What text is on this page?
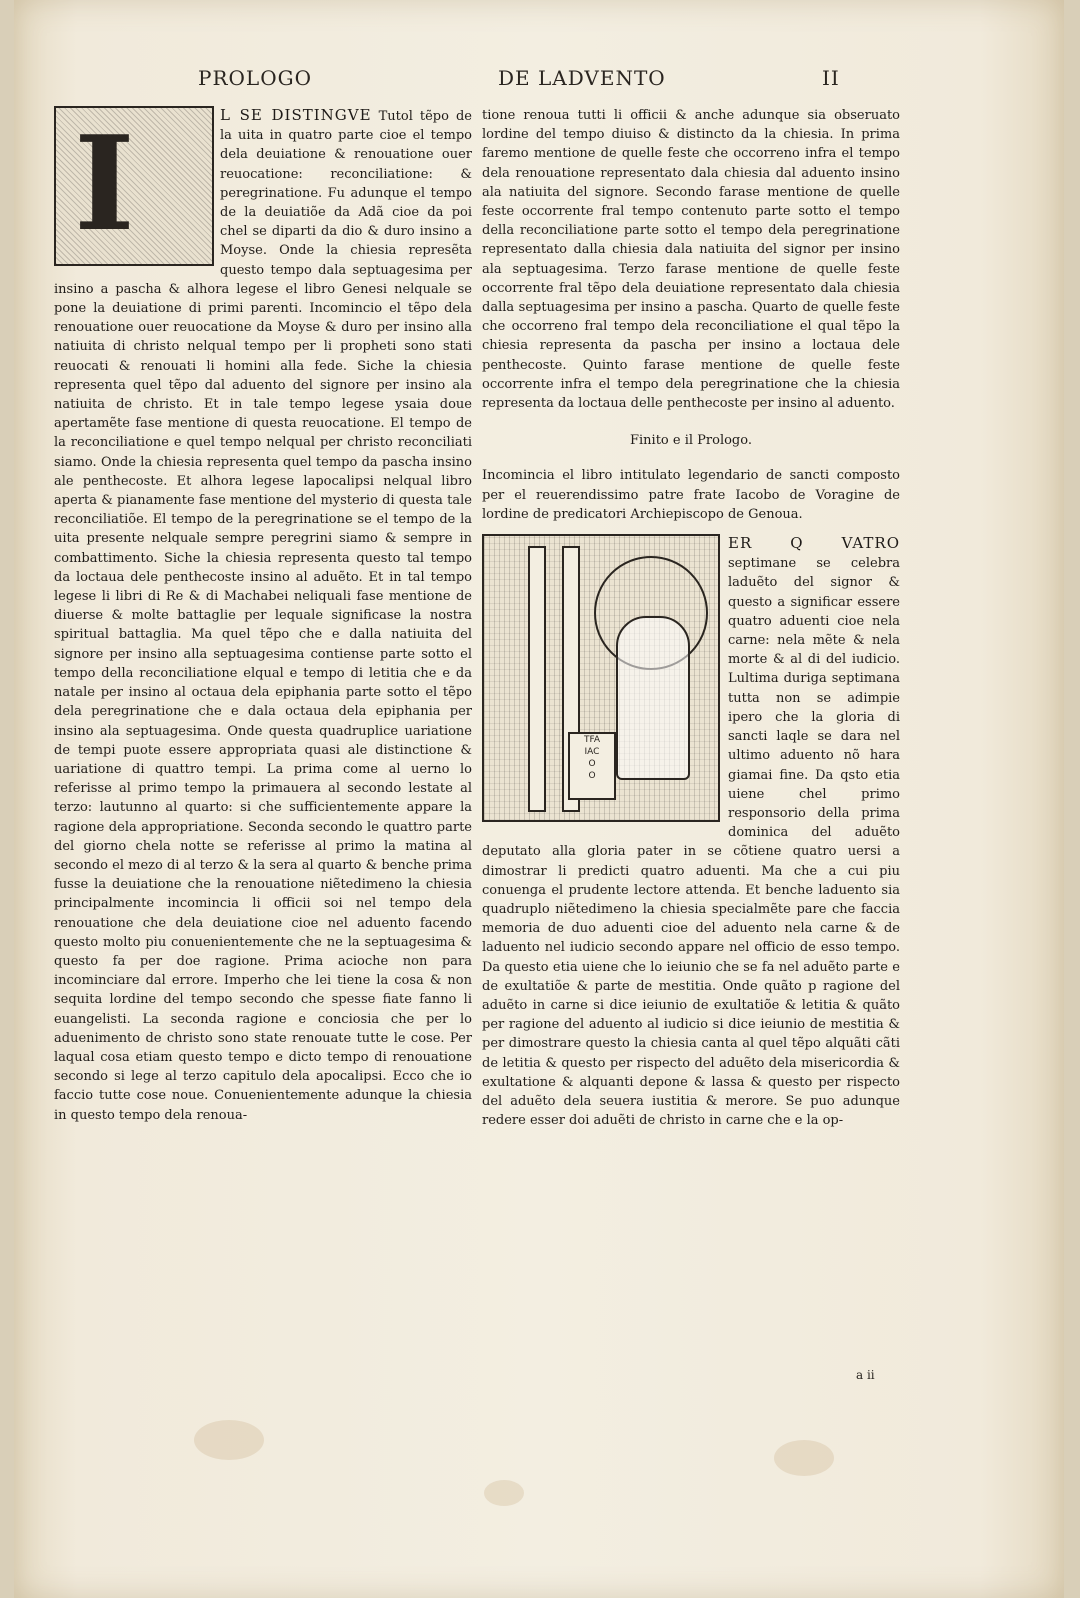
PROLOGO	DE LADVENTO	II
I	L SE DISTINGVE Tutol tẽpo de la uita in quatro parte cioe el tempo dela deuiatione & renouatione ouer reuocatione: reconciliatione: & peregrinatione. Fu adunque el tempo de la deuiatiõe da Adã cioe da poi chel se diparti da dio & duro insino a Moyse. Onde la chiesia represẽta questo tempo dala septuagesima per insino a pascha & alhora legese el libro Genesi nelquale se pone la deuiatione di primi parenti. Incomincio el tẽpo dela renouatione ouer reuocatione da Moyse & duro per insino alla natiuita di christo nelqual tempo per li propheti sono stati reuocati & renouati li homini alla fede. Siche la chiesia representa quel tẽpo dal aduento del signore per insino ala natiuita de christo. Et in tale tempo legese ysaia doue apertamẽte fase mentione di questa reuocatione. El tempo de la reconciliatione e quel tempo nelqual per christo reconciliati siamo. Onde la chiesia representa quel tempo da pascha insino ale penthecoste. Et alhora legese lapocalipsi nelqual libro aperta & pianamente fase mentione del mysterio di questa tale reconciliatiõe. El tempo de la peregrinatione se el tempo de la uita presente nelquale sempre peregrini siamo & sempre in combattimento. Siche la chiesia representa questo tal tempo da loctaua dele penthecoste insino al aduẽto. Et in tal tempo legese li libri di Re & di Machabei neliquali fase mentione de diuerse & molte battaglie per lequale significase la nostra spiritual battaglia. Ma quel tẽpo che e dalla natiuita del signore per insino alla septuagesima contiense parte sotto el tempo della reconciliatione elqual e tempo di letitia che e da natale per insino al octaua dela epiphania parte sotto el tẽpo dela peregrinatione che e dala octaua dela epiphania per insino ala septuagesima. Onde questa quadruplice uariatione de tempi puote essere appropriata quasi ale distinctione & uariatione di quattro tempi. La prima come al uerno lo referisse al primo tempo la primauera al secondo lestate al terzo: lautunno al quarto: si che sufficientemente appare la ragione dela appropriatione. Seconda secondo le quattro parte del giorno chela notte se referisse al primo la matina al secondo el mezo di al terzo & la sera al quarto & benche prima fusse la deuiatione che la renouatione niẽtedimeno la chiesia principalmente incomincia li officii soi nel tempo dela renouatione che dela deuiatione cioe nel aduento facendo questo molto piu conuenientemente che ne la septuagesima & questo fa per doe ragione. Prima acioche non para incominciare dal errore. Imperho che lei tiene la cosa & non sequita lordine del tempo secondo che spesse fiate fanno li euangelisti. La seconda ragione e conciosia che per lo aduenimento de christo sono state renouate tutte le cose. Per laqual cosa etiam questo tempo e dicto tempo di renouatione secondo si lege al terzo capitulo dela apocalipsi. Ecco che io faccio tutte cose noue. Conuenientemente adunque la chiesia in questo tempo dela renoua-
tione renoua tutti li officii & anche adunque sia obseruato lordine del tempo diuiso & distincto da la chiesia. In prima faremo mentione de quelle feste che occorreno infra el tempo dela renouatione representato dala chiesia dal aduento insino ala natiuita del signore. Secondo farase mentione de quelle feste occorrente fral tempo contenuto parte sotto el tempo della reconciliatione parte sotto el tempo dela peregrinatione representato dalla chiesia dala natiuita del signor per insino ala septuagesima. Terzo farase mentione de quelle feste occorrente fral tẽpo dela deuiatione representato dala chiesia dalla septuagesima per insino a pascha. Quarto de quelle feste che occorreno fral tempo dela reconciliatione el qual tẽpo la chiesia representa da pascha per insino a loctaua dele penthecoste. Quinto farase mentione de quelle feste occorrente infra el tempo dela peregrinatione che la chiesia representa da loctaua delle penthecoste per insino al aduento.
Finito e il Prologo.
Incomincia el libro intitulato legendario de sancti composto per el reuerendissimo patre frate Iacobo de Voragine de lordine de predicatori Archiepiscopo de Genoua.
TFA
IAC
O
O
ER Q VATRO septimane se celebra laduẽto del signor & questo a significar essere quatro aduenti cioe nela carne: nela mẽte & nela morte & al di del iudicio. Lultima duriga septimana tutta non se adimpie ipero che la gloria di sancti laqle se dara nel ultimo aduento nõ hara giamai fine. Da qsto etia uiene chel primo responsorio della prima dominica del aduẽto deputato alla gloria pater in se cõtiene quatro uersi a dimostrar li predicti quatro aduenti. Ma che a cui piu conuenga el prudente lectore attenda. Et benche laduento sia quadruplo niẽtedimeno la chiesia specialmẽte pare che faccia memoria de duo aduenti cioe del aduento nela carne & de laduento nel iudicio secondo appare nel officio de esso tempo. Da questo etia uiene che lo ieiunio che se fa nel aduẽto parte e de exultatiõe & parte de mestitia. Onde quãto p ragione del aduẽto in carne si dice ieiunio de exultatiõe & letitia & quãto per ragione del aduento al iudicio si dice ieiunio de mestitia & per dimostrare questo la chiesia canta al quel tẽpo alquãti cãti de letitia & questo per rispecto del aduẽto dela misericordia & exultatione & alquanti depone & lassa & questo per rispecto del aduẽto dela seuera iustitia & merore. Se puo adunque redere esser doi aduẽti de christo in carne che e la op-
a ii
